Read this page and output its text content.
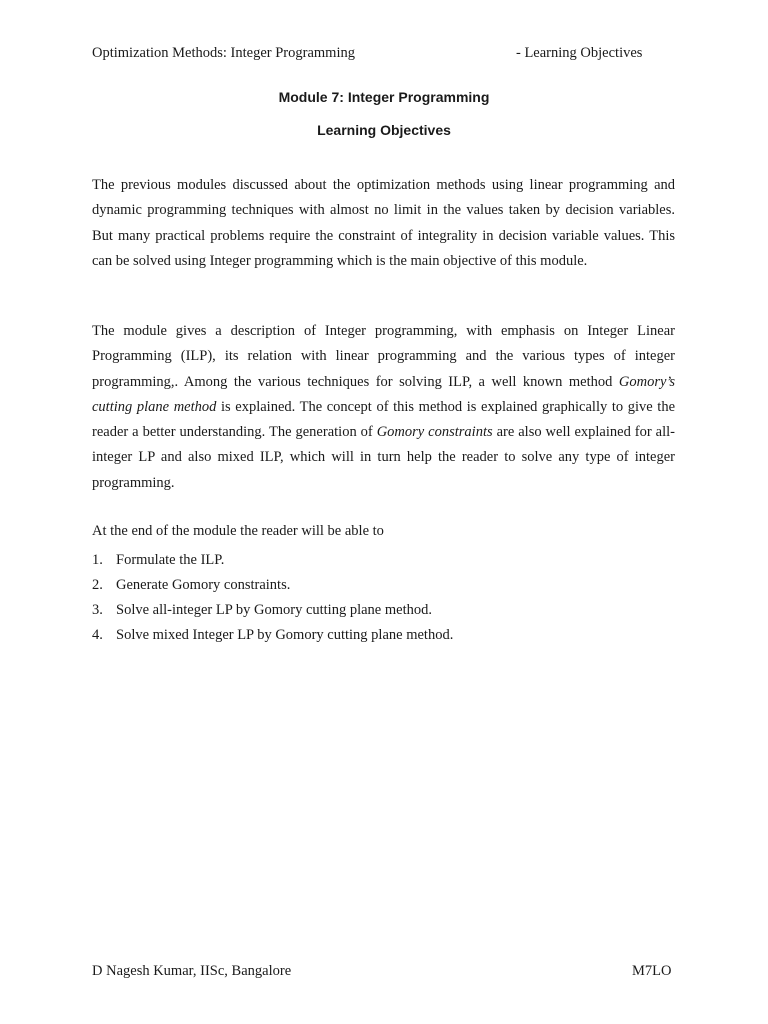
Optimization Methods: Integer Programming	- Learning Objectives
Module 7: Integer Programming
Learning Objectives

The previous modules discussed about the optimization methods using linear programming and dynamic programming techniques with almost no limit in the values taken by decision variables. But many practical problems require the constraint of integrality in decision variable values. This can be solved using Integer programming which is the main objective of this module.

The module gives a description of Integer programming, with emphasis on Integer Linear Programming (ILP), its relation with linear programming and the various types of integer programming,. Among the various techniques for solving ILP, a well known method Gomory’s cutting plane method is explained. The concept of this method is explained graphically to give the reader a better understanding. The generation of Gomory constraints are also well explained for all- integer LP and also mixed ILP, which will in turn help the reader to solve any type of integer programming.

At the end of the module the reader will be able to
1. Formulate the ILP.
2. Generate Gomory constraints.
3. Solve all-integer LP by Gomory cutting plane method.
4. Solve mixed Integer LP by Gomory cutting plane method.
D Nagesh Kumar, IISc, Bangalore	M7LO
